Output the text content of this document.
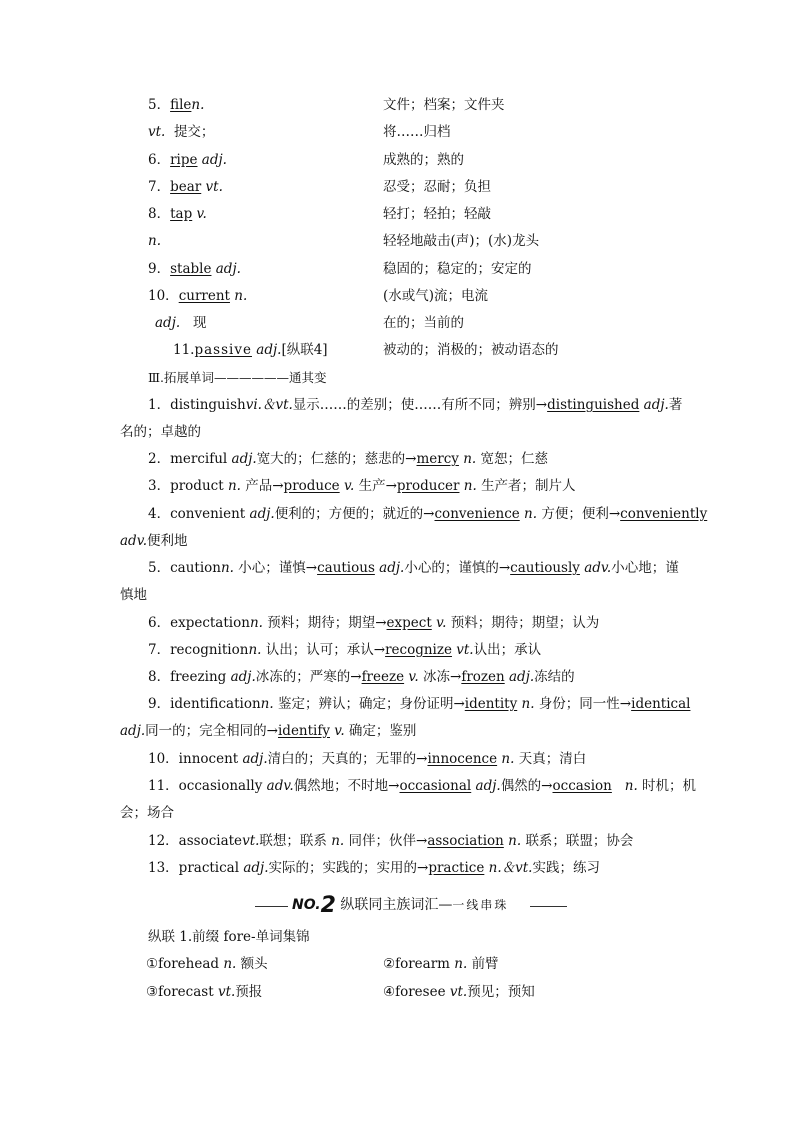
5．filen.	文件；档案；文件夹
vt. 提交；	将……归档
6．ripe adj.	成熟的；熟的
7．bear vt.	忍受；忍耐；负担
8．tap v.	轻打；轻拍；轻敲
n.	轻轻地敲击(声)；(水)龙头
9．stable adj.	稳固的；稳定的；安定的
10．current n.	(水或气)流；电流
adj. 现	在的；当前的
11.passive adj.[纵联4]	被动的；消极的；被动语态的
Ⅲ.拓展单词——————通其变
1．distinguishvi.＆vt.显示……的差别；使……有所不同；辨别→distinguished adj.著
名的；卓越的
2．merciful adj.宽大的；仁慈的；慈悲的→mercy n. 宽恕；仁慈
3．product n. 产品→produce v. 生产→producer n. 生产者；制片人
4．convenient adj.便利的；方便的；就近的→convenience n. 方便；便利→conveniently
adv.便利地
5．cautionn. 小心；谨慎→cautious adj.小心的；谨慎的→cautiously adv.小心地；谨
慎地
6．expectationn. 预料；期待；期望→expect v. 预料；期待；期望；认为
7．recognitionn. 认出；认可；承认→recognize vt.认出；承认
8．freezing adj.冰冻的；严寒的→freeze v. 冰冻→frozen adj.冻结的
9．identificationn. 鉴定；辨认；确定；身份证明→identity n. 身份；同一性→identical
adj.同一的；完全相同的→identify v. 确定；鉴别
10．innocent adj.清白的；天真的；无罪的→innocence n. 天真；清白
11．occasionally adv.偶然地；不时地→occasional adj.偶然的→occasion n. 时机；机
会；场合
12．associatevt.联想；联系 n. 同伴；伙伴→association n. 联系；联盟；协会
13．practical adj.实际的；实践的；实用的→practice n.＆vt.实践；练习
NO.2 纵联同主族词汇—一线串珠
纵联 1.前缀 fore-单词集锦
①forehead n. 额头	②forearm n. 前臂
③forecast vt.预报	④foresee vt.预见；预知
